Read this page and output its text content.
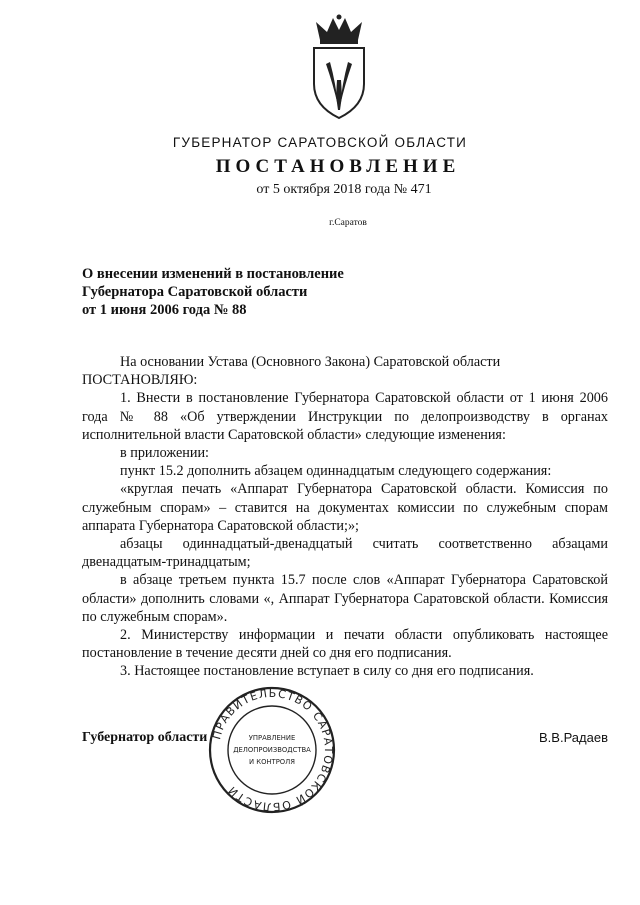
ГУБЕРНАТОР САРАТОВСКОЙ ОБЛАСТИ
ПОСТАНОВЛЕНИЕ
от 5 октября 2018 года № 471
г.Саратов
О внесении изменений в постановление
Губернатора Саратовской области
от 1 июня 2006 года № 88

На основании Устава (Основного Закона) Саратовской области

ПОСТАНОВЛЯЮ:

1. Внести в постановление Губернатора Саратовской области от 1 июня 2006 года № 88 «Об утверждении Инструкции по делопроизводству в органах исполнительной власти Саратовской области» следующие изменения:

в приложении:

пункт 15.2 дополнить абзацем одиннадцатым следующего содержания:

«круглая печать «Аппарат Губернатора Саратовской области. Комиссия по служебным спорам» – ставится на документах комиссии по служебным спорам аппарата Губернатора Саратовской области;»;

абзацы одиннадцатый-двенадцатый считать соответственно абзацами двенадцатым-тринадцатым;

в абзаце третьем пункта 15.7 после слов «Аппарат Губернатора Саратовской области» дополнить словами «, Аппарат Губернатора Саратовской области. Комиссия по служебным спорам».

2. Министерству информации и печати области опубликовать настоящее постановление в течение десяти дней со дня его подписания.

3. Настоящее постановление вступает в силу со дня его подписания.

Губернатор области	В.В.Радаев
ПРАВИТЕЛЬСТВО САРАТОВСКОЙ ОБЛАСТИ
УПРАВЛЕНИЕ
ДЕЛОПРОИЗВОДСТВА
И КОНТРОЛЯ
